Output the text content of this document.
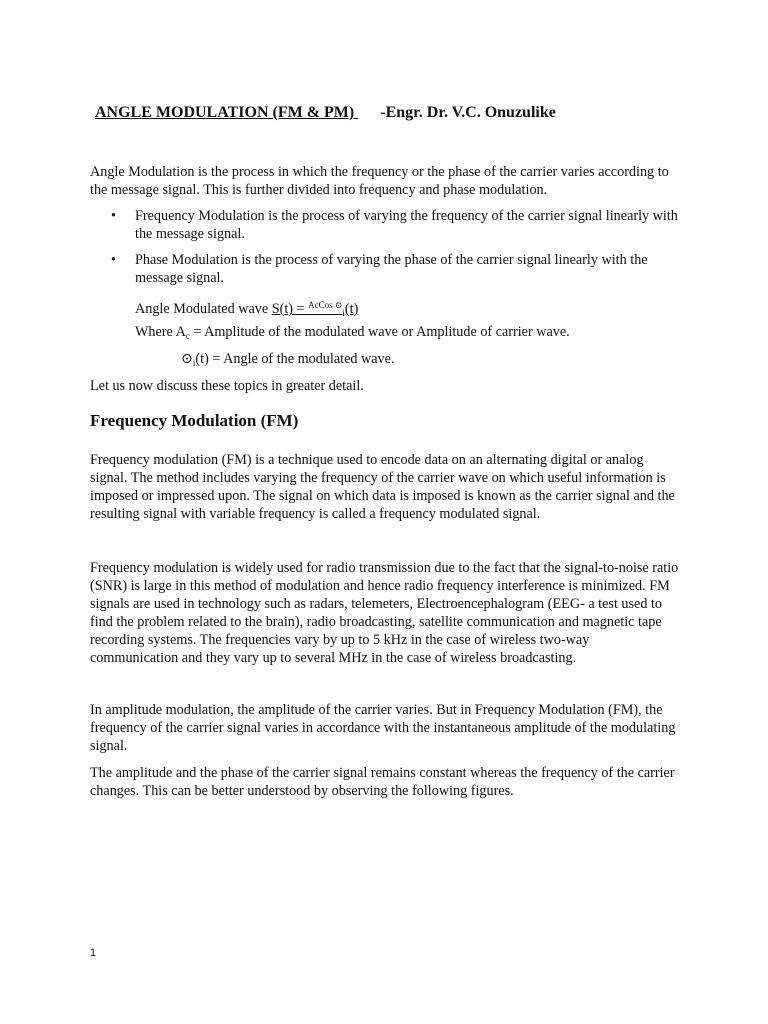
ANGLE MODULATION (FM & PM) -Engr. Dr. V.C. Onuzulike

Angle Modulation is the process in which the frequency or the phase of the carrier varies according to the message signal. This is further divided into frequency and phase modulation.

• Frequency Modulation is the process of varying the frequency of the carrier signal linearly with the message signal.
• Phase Modulation is the process of varying the phase of the carrier signal linearly with the message signal.
Angle Modulated wave S(t) = $^{AcCos ⊙}_i$(t)
Where $A_c$ = Amplitude of the modulated wave or Amplitude of carrier wave.
$⊙_i(t)$ = Angle of the modulated wave.

Let us now discuss these topics in greater detail.

Frequency Modulation (FM)

Frequency modulation (FM) is a technique used to encode data on an alternating digital or analog signal. The method includes varying the frequency of the carrier wave on which useful information is imposed or impressed upon. The signal on which data is imposed is known as the carrier signal and the resulting signal with variable frequency is called a frequency modulated signal.

Frequency modulation is widely used for radio transmission due to the fact that the signal-to-noise ratio (SNR) is large in this method of modulation and hence radio frequency interference is minimized. FM signals are used in technology such as radars, telemeters, Electroencephalogram (EEG- a test used to find the problem related to the brain), radio broadcasting, satellite communication and magnetic tape recording systems. The frequencies vary by up to 5 kHz in the case of wireless two-way communication and they vary up to several MHz in the case of wireless broadcasting.

In amplitude modulation, the amplitude of the carrier varies. But in Frequency Modulation (FM), the frequency of the carrier signal varies in accordance with the instantaneous amplitude of the modulating signal.

The amplitude and the phase of the carrier signal remains constant whereas the frequency of the carrier changes. This can be better understood by observing the following figures.

1
